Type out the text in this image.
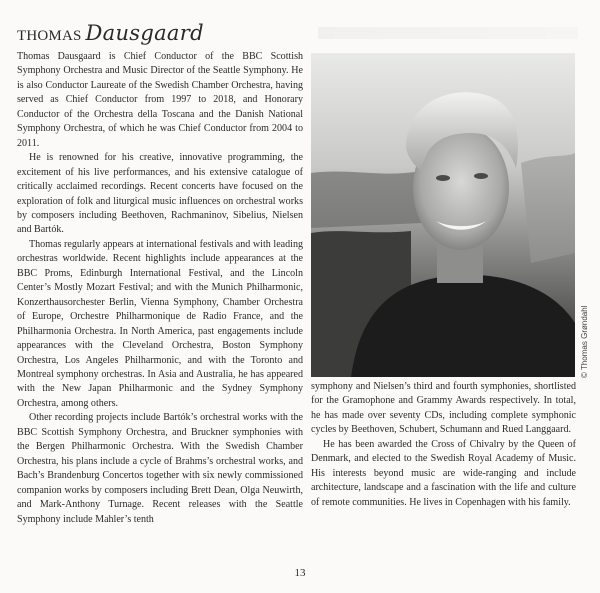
THOMAS Dausgaard

Thomas Dausgaard is Chief Conductor of the BBC Scottish Symphony Orchestra and Music Director of the Seattle Symphony. He is also Conductor Laureate of the Swedish Chamber Orchestra, having served as Chief Conductor from 1997 to 2018, and Honorary Conductor of the Orchestra della Toscana and the Danish National Symphony Orchestra, of which he was Chief Conductor from 2004 to 2011.

He is renowned for his creative, innovative programming, the excitement of his live performances, and his extensive catalogue of critically acclaimed recordings. Recent concerts have focused on the exploration of folk and liturgical music influences on orchestral works by composers including Beethoven, Rachmaninov, Sibelius, Nielsen and Bartók.

Thomas regularly appears at international festivals and with leading orchestras worldwide. Recent highlights include appearances at the BBC Proms, Edinburgh International Festival, and the Lincoln Center’s Mostly Mozart Festival; and with the Munich Philharmonic, Konzerthausorchester Berlin, Vienna Symphony, Chamber Orchestra of Europe, Orchestre Philharmonique de Radio France, and the Philharmonia Orchestra. In North America, past engagements include appearances with the Cleveland Orchestra, Boston Symphony Orchestra, Los Angeles Philharmonic, and with the Toronto and Montreal symphony orchestras. In Asia and Australia, he has appeared with the New Japan Philharmonic and the Sydney Symphony Orchestra, among others.

Other recording projects include Bartók’s orchestral works with the BBC Scottish Symphony Orchestra, and Bruckner symphonies with the Bergen Philharmonic Orchestra. With the Swedish Chamber Orchestra, his plans include a cycle of Brahms’s orchestral works, and Bach’s Brandenburg Concertos together with six newly commissioned companion works by composers including Brett Dean, Olga Neuwirth, and Mark-Anthony Turnage. Recent releases with the Seattle Symphony include Mahler’s tenth

© Thomas Grøndahl

symphony and Nielsen’s third and fourth symphonies, shortlisted for the Gramophone and Grammy Awards respectively. In total, he has made over seventy CDs, including complete symphonic cycles by Beethoven, Schubert, Schumann and Rued Langgaard.

He has been awarded the Cross of Chivalry by the Queen of Denmark, and elected to the Swedish Royal Academy of Music. His interests beyond music are wide-ranging and include architecture, landscape and a fascination with the life and culture of remote communities. He lives in Copenhagen with his family.

13
